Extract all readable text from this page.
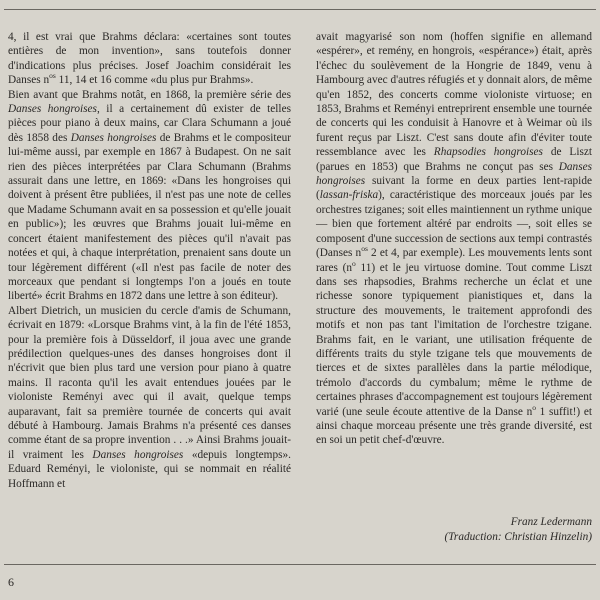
4, il est vrai que Brahms déclara: «certaines sont toutes entières de mon invention», sans toutefois donner d'indications plus précises. Josef Joachim considérait les Danses $n^{os}$ 11, 14 et 16 comme «du plus pur Brahms».

Bien avant que Brahms notât, en 1868, la première série des Danses hongroises, il a certainement dû exister de telles pièces pour piano à deux mains, car Clara Schumann a joué dès 1858 des Danses hongroises de Brahms et le compositeur lui-même aussi, par exemple en 1867 à Budapest. On ne sait rien des pièces interprétées par Clara Schumann (Brahms assurait dans une lettre, en 1869: «Dans les hongroises qui doivent à présent être publiées, il n'est pas une note de celles que Madame Schumann avait en sa possession et qu'elle jouait en public»); les œuvres que Brahms jouait lui-même en concert étaient manifestement des pièces qu'il n'avait pas notées et qui, à chaque interprétation, prenaient sans doute un tour légèrement différent («Il n'est pas facile de noter des morceaux que pendant si longtemps l'on a joués en toute liberté» écrit Brahms en 1872 dans une lettre à son éditeur).

Albert Dietrich, un musicien du cercle d'amis de Schumann, écrivait en 1879: «Lorsque Brahms vint, à la fin de l'été 1853, pour la première fois à Düsseldorf, il joua avec une grande prédilection quelques-unes des danses hongroises dont il n'écrivit que bien plus tard une version pour piano à quatre mains. Il raconta qu'il les avait entendues jouées par le violoniste Reményi avec qui il avait, quelque temps auparavant, fait sa première tournée de concerts qui avait débuté à Hambourg. Jamais Brahms n'a présenté ces danses comme étant de sa propre invention . . .» Ainsi Brahms jouait-il vraiment les Danses hongroises «depuis longtemps». Eduard Reményi, le violoniste, qui se nommait en réalité Hoffmann et

avait magyarisé son nom (hoffen signifie en allemand «espérer», et reménу, en hongrois, «espérance») était, après l'échec du soulèvement de la Hongrie de 1849, venu à Hambourg avec d'autres réfugiés et y donnait alors, de même qu'en 1852, des concerts comme violoniste virtuose; en 1853, Brahms et Reményi entreprirent ensemble une tournée de concerts qui les conduisit à Hanovre et à Weimar où ils furent reçus par Liszt. C'est sans doute afin d'éviter toute ressemblance avec les Rhapsodies hongroises de Liszt (parues en 1853) que Brahms ne conçut pas ses Danses hongroises suivant la forme en deux parties lent-rapide (lassan-friska), caractéristique des morceaux joués par les orchestres tziganes; soit elles maintiennent un rythme unique — bien que fortement altéré par endroits —, soit elles se composent d'une succession de sections aux tempi contrastés (Danses $n^{os}$ 2 et 4, par exemple). Les mouvements lents sont rares ($n^o$ 11) et le jeu virtuose domine. Tout comme Liszt dans ses rhapsodies, Brahms recherche un éclat et une richesse sonore typiquement pianistiques et, dans la structure des mouvements, le traitement approfondi des motifs et non pas tant l'imitation de l'orchestre tzigane. Brahms fait, en le variant, une utilisation fréquente de différents traits du style tzigane tels que mouvements de tierces et de sixtes parallèles dans la partie mélodique, trémolo d'accords du cymbalum; même le rythme de certaines phrases d'accompagnement est toujours légèrement varié (une seule écoute attentive de la Danse $n^o$ 1 suffit!) et ainsi chaque morceau présente une très grande diversité, est en soi un petit chef-d'œuvre.

Franz Ledermann
(Traduction: Christian Hinzelin)
6
